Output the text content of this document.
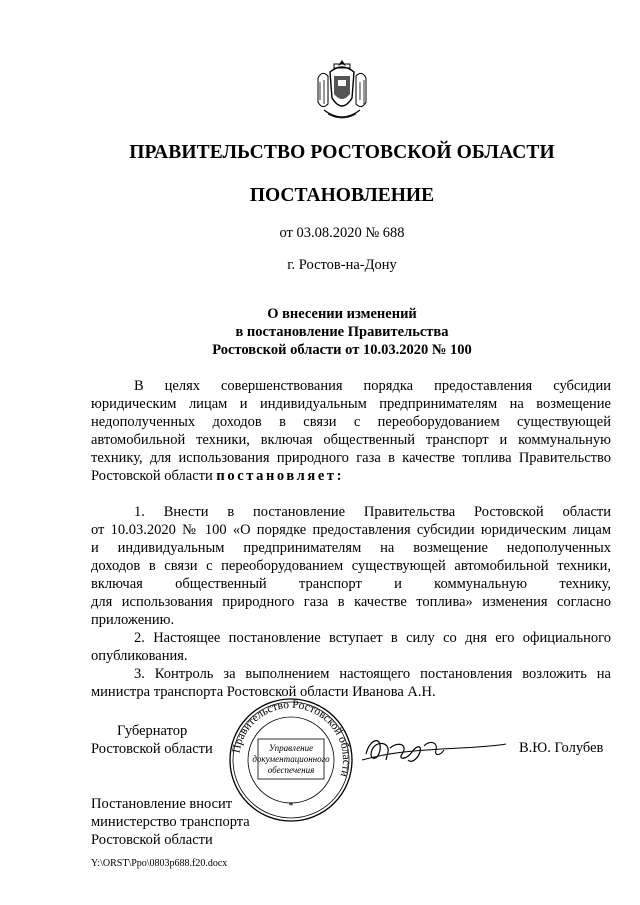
ПРАВИТЕЛЬСТВО РОСТОВСКОЙ ОБЛАСТИ
ПОСТАНОВЛЕНИЕ
от 03.08.2020 № 688
г. Ростов-на-Дону
О внесении изменений
в постановление Правительства
Ростовской области от 10.03.2020 № 100
В целях совершенствования порядка предоставления субсидии юридическим лицам и индивидуальным предпринимателям на возмещение недополученных доходов в связи с переоборудованием существующей автомобильной техники, включая общественный транспорт и коммунальную технику, для использования природного газа в качестве топлива Правительство Ростовской области постановляет:
1. Внести в постановление Правительства Ростовской области
от 10.03.2020 № 100 «О порядке предоставления субсидии юридическим лицам
и индивидуальным предпринимателям на возмещение недополученных
доходов в связи с переоборудованием существующей автомобильной техники,
включая общественный транспорт и коммунальную технику,
для использования природного газа в качестве топлива» изменения согласно
приложению.
2. Настоящее постановление вступает в силу со дня его официального опубликования.
3. Контроль за выполнением настоящего постановления возложить на министра транспорта Ростовской области Иванова А.Н.
Губернатор
Ростовской области Правительство Ростовской области
Управление
документационного
обеспечения
*
В.Ю. Голубев
Постановление вносит
министерство транспорта
Ростовской области
Y:\ORST\Ppo\0803p688.f20.docx
